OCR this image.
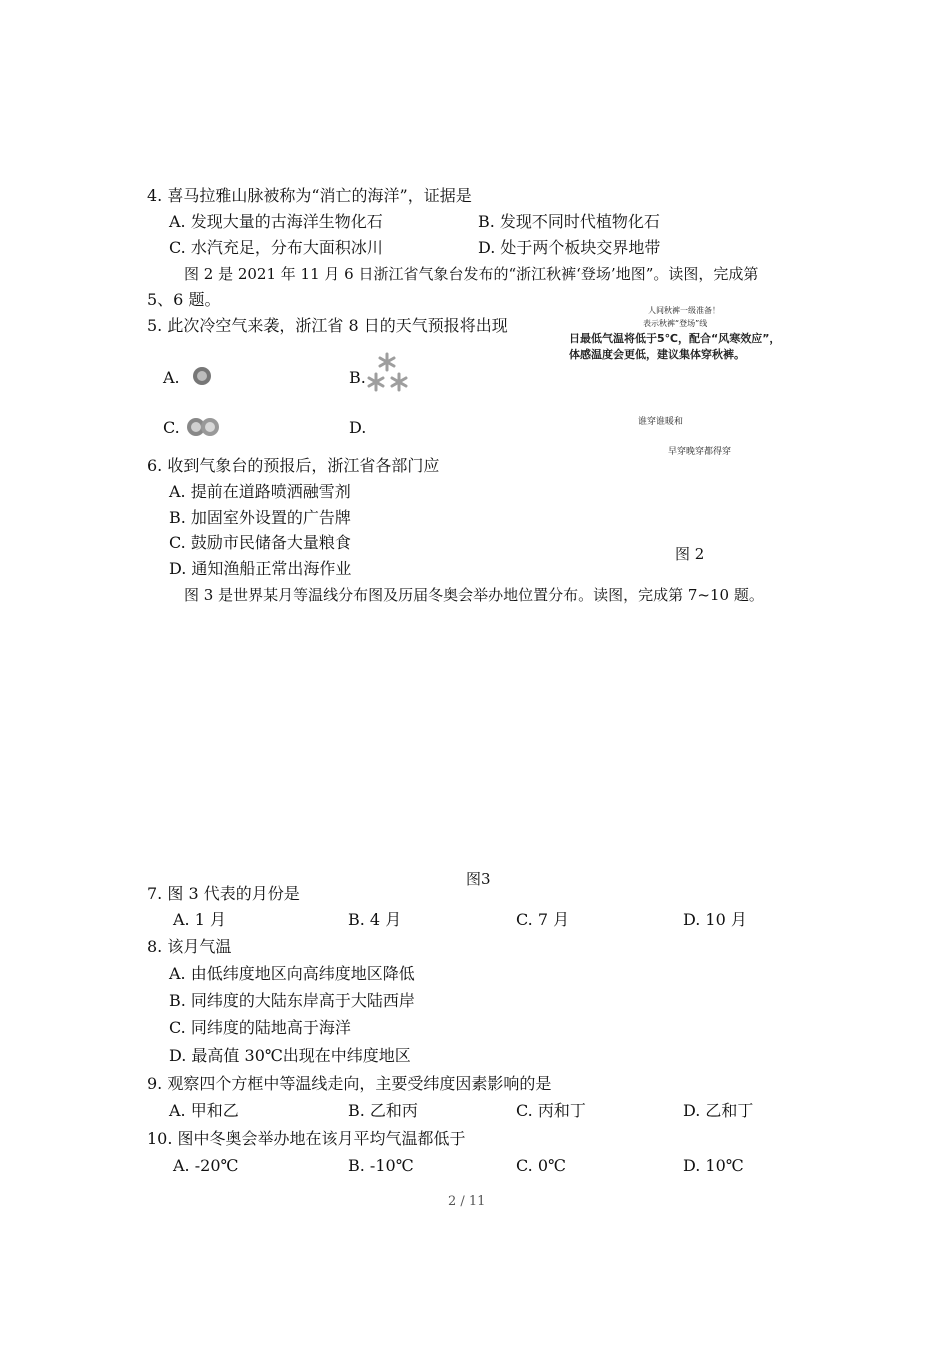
4. 喜马拉雅山脉被称为“消亡的海洋”，证据是
A. 发现大量的古海洋生物化石	B. 发现不同时代植物化石
C. 水汽充足，分布大面积冰川	D. 处于两个板块交界地带
图 2 是 2021 年 11 月 6 日浙江省气象台发布的“浙江秋裤‘登场’地图”。读图，完成第
5、6 题。
5. 此次冷空气来袭，浙江省 8 日的天气预报将出现
A.	B.
C.	D.
人间秋裤一级准备！
表示秋裤“登场”线
日最低气温将低于5℃，配合“风寒效应”，
体感温度会更低，建议集体穿秋裤。
谁穿谁暖和
早穿晚穿都得穿
图 2
6. 收到气象台的预报后，浙江省各部门应
A. 提前在道路喷洒融雪剂
B. 加固室外设置的广告牌
C. 鼓励市民储备大量粮食
D. 通知渔船正常出海作业
图 3 是世界某月等温线分布图及历届冬奥会举办地位置分布。读图，完成第 7~10 题。
图3
7. 图 3 代表的月份是
A. 1 月	B. 4 月	C. 7 月	D. 10 月
8. 该月气温
A. 由低纬度地区向高纬度地区降低
B. 同纬度的大陆东岸高于大陆西岸
C. 同纬度的陆地高于海洋
D. 最高值 30℃出现在中纬度地区
9. 观察四个方框中等温线走向，主要受纬度因素影响的是
A. 甲和乙	B. 乙和丙	C. 丙和丁	D. 乙和丁
10. 图中冬奥会举办地在该月平均气温都低于
A. -20℃	B. -10℃	C. 0℃	D. 10℃
2 / 11
